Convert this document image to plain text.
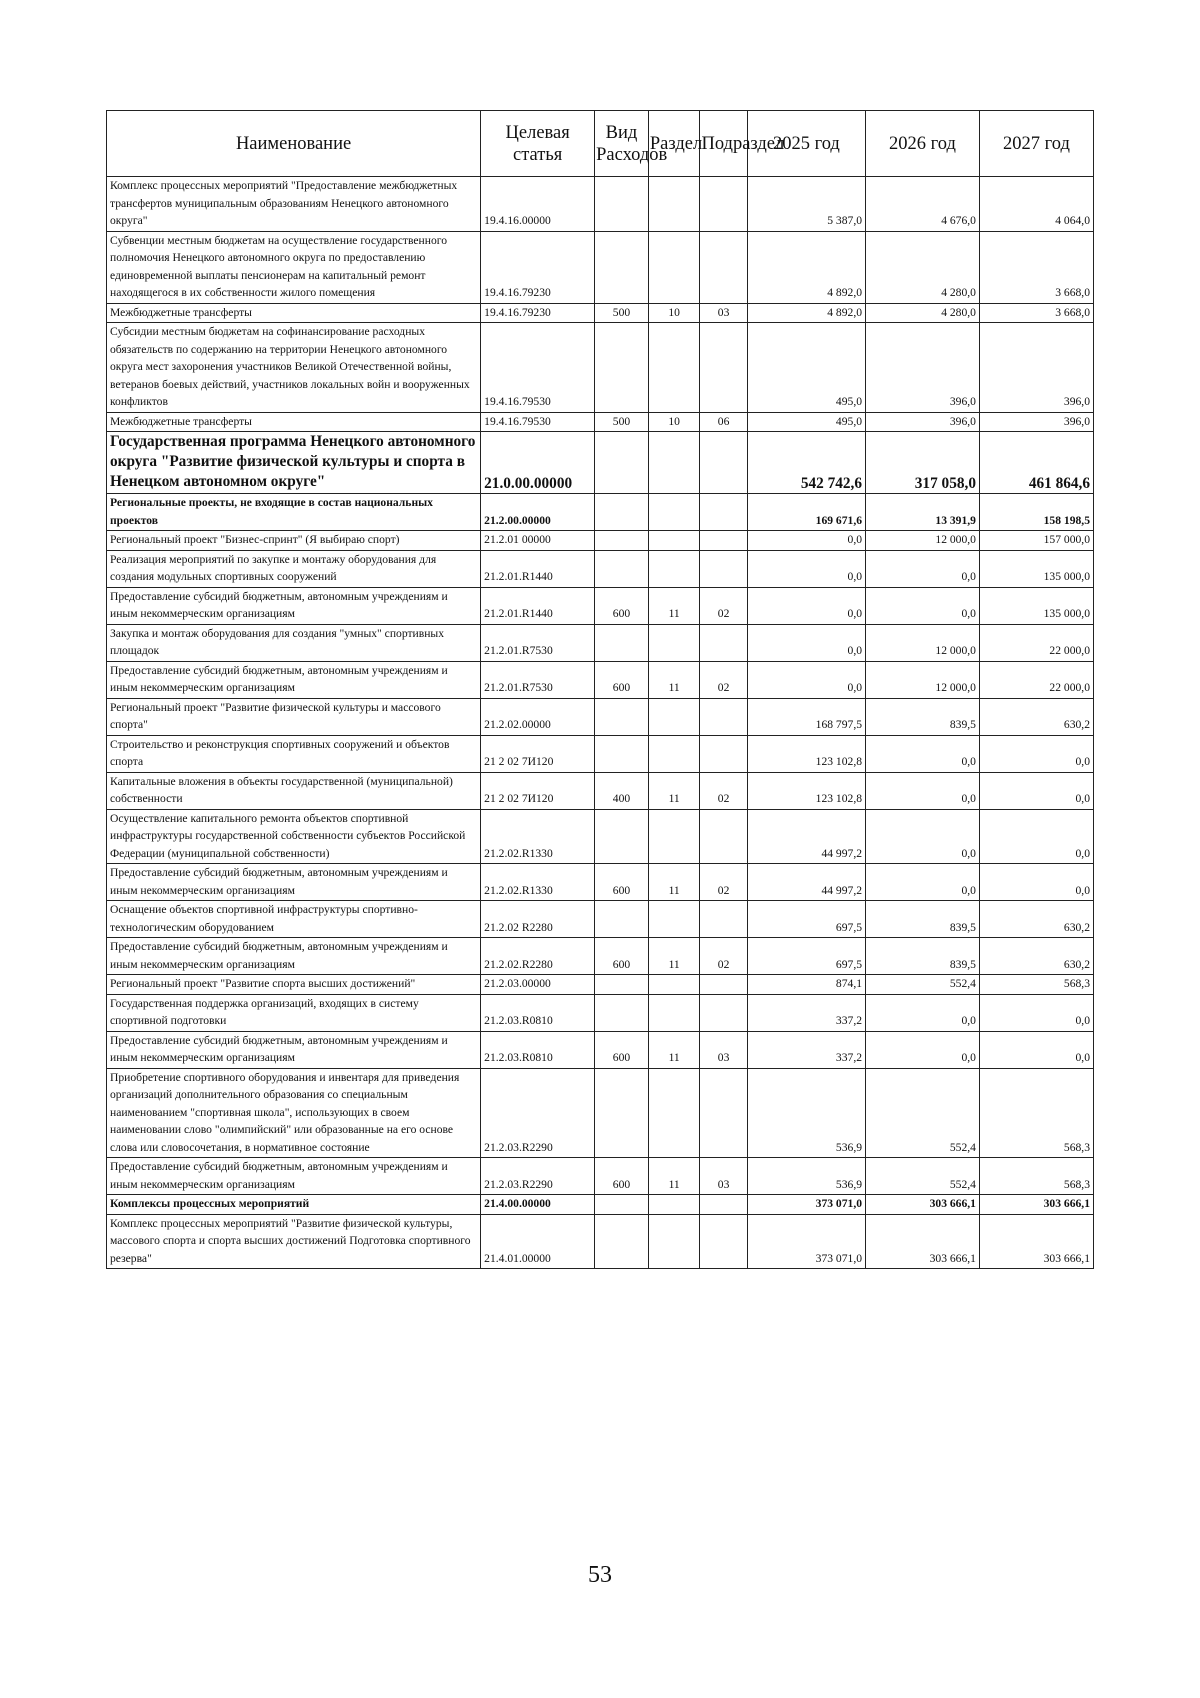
Наименование	Целевая статья	Вид Расходов	Раздел	Подраздел	2025 год	2026 год	2027 год
Комплекс процессных мероприятий "Предоставление межбюджетных трансфертов муниципальным образованиям Ненецкого автономного округа"	19.4.16.00000				5 387,0	4 676,0	4 064,0
Субвенции местным бюджетам на осуществление государственного полномочия Ненецкого автономного округа по предоставлению единовременной выплаты пенсионерам на капитальный ремонт находящегося в их собственности жилого помещения	19.4.16.79230				4 892,0	4 280,0	3 668,0
Межбюджетные трансферты	19.4.16.79230	500	10	03	4 892,0	4 280,0	3 668,0
Субсидии местным бюджетам на софинансирование расходных обязательств по содержанию на территории Ненецкого автономного округа мест захоронения участников Великой Отечественной войны, ветеранов боевых действий, участников локальных войн и вооруженных конфликтов	19.4.16.79530				495,0	396,0	396,0
Межбюджетные трансферты	19.4.16.79530	500	10	06	495,0	396,0	396,0
Государственная программа Ненецкого автономного округа "Развитие физической культуры и спорта в Ненецком автономном округе"	21.0.00.00000				542 742,6	317 058,0	461 864,6
Региональные проекты, не входящие в состав национальных проектов	21.2.00.00000				169 671,6	13 391,9	158 198,5
Региональный проект "Бизнес-спринт" (Я выбираю спорт)	21.2.01 00000				0,0	12 000,0	157 000,0
Реализация мероприятий по закупке и монтажу оборудования для создания модульных спортивных сооружений	21.2.01.R1440				0,0	0,0	135 000,0
Предоставление субсидий бюджетным, автономным учреждениям и иным некоммерческим организациям	21.2.01.R1440	600	11	02	0,0	0,0	135 000,0
Закупка и монтаж оборудования для создания "умных" спортивных площадок	21.2.01.R7530				0,0	12 000,0	22 000,0
Предоставление субсидий бюджетным, автономным учреждениям и иным некоммерческим организациям	21.2.01.R7530	600	11	02	0,0	12 000,0	22 000,0
Региональный проект "Развитие физической культуры и массового спорта"	21.2.02.00000				168 797,5	839,5	630,2
Строительство и реконструкция спортивных сооружений и объектов спорта	21 2 02 7И120				123 102,8	0,0	0,0
Капитальные вложения в объекты государственной (муниципальной) собственности	21 2 02 7И120	400	11	02	123 102,8	0,0	0,0
Осуществление капитального ремонта объектов спортивной инфраструктуры государственной собственности субъектов Российской Федерации (муниципальной собственности)	21.2.02.R1330				44 997,2	0,0	0,0
Предоставление субсидий бюджетным, автономным учреждениям и иным некоммерческим организациям	21.2.02.R1330	600	11	02	44 997,2	0,0	0,0
Оснащение объектов спортивной инфраструктуры спортивно-технологическим оборудованием	21.2.02 R2280				697,5	839,5	630,2
Предоставление субсидий бюджетным, автономным учреждениям и иным некоммерческим организациям	21.2.02.R2280	600	11	02	697,5	839,5	630,2
Региональный проект "Развитие спорта высших достижений"	21.2.03.00000				874,1	552,4	568,3
Государственная поддержка организаций, входящих в систему спортивной подготовки	21.2.03.R0810				337,2	0,0	0,0
Предоставление субсидий бюджетным, автономным учреждениям и иным некоммерческим организациям	21.2.03.R0810	600	11	03	337,2	0,0	0,0
Приобретение спортивного оборудования и инвентаря для приведения организаций дополнительного образования со специальным наименованием "спортивная школа", использующих в своем наименовании слово "олимпийский" или образованные на его основе слова или словосочетания, в нормативное состояние	21.2.03.R2290				536,9	552,4	568,3
Предоставление субсидий бюджетным, автономным учреждениям и иным некоммерческим организациям	21.2.03.R2290	600	11	03	536,9	552,4	568,3
Комплексы процессных мероприятий	21.4.00.00000				373 071,0	303 666,1	303 666,1
Комплекс процессных мероприятий "Развитие физической культуры, массового спорта и спорта высших достижений Подготовка спортивного резерва"	21.4.01.00000				373 071,0	303 666,1	303 666,1
53
